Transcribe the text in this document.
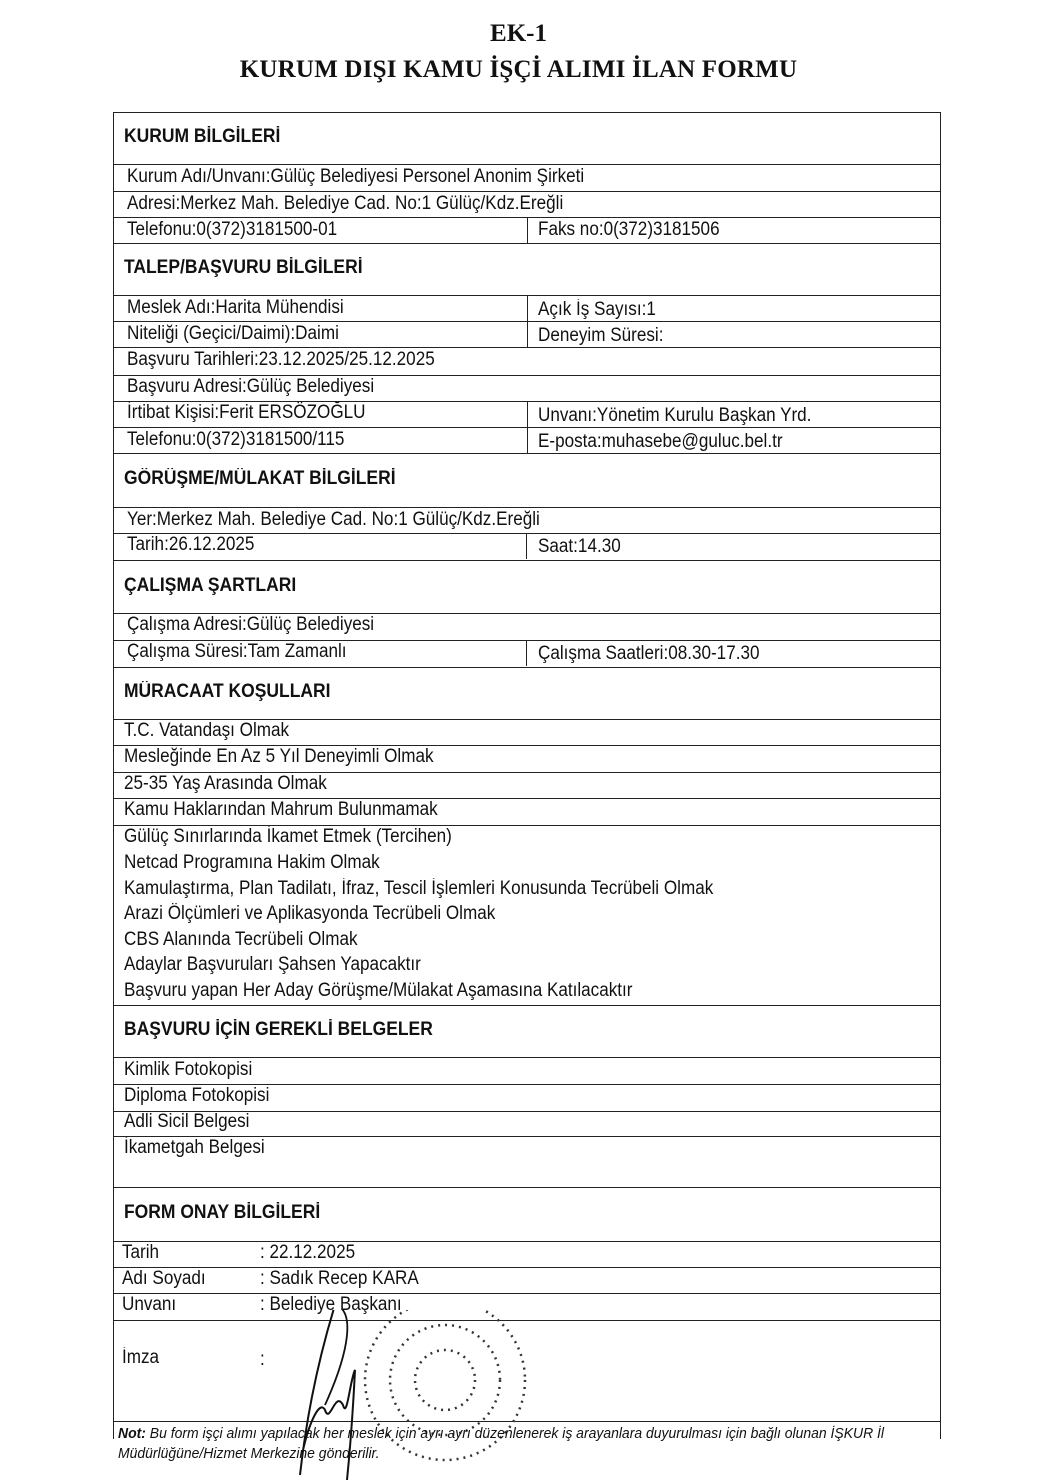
EK-1
KURUM DIŞI KAMU İŞÇİ ALIMI İLAN FORMU
KURUM BİLGİLERİ
Kurum Adı/Unvanı:Gülüç Belediyesi Personel Anonim Şirketi
Adresi:Merkez Mah. Belediye Cad. No:1 Gülüç/Kdz.Ereğli
Telefonu:0(372)3181500-01	Faks no:0(372)3181506
TALEP/BAŞVURU BİLGİLERİ
Meslek Adı:Harita Mühendisi	Açık İş Sayısı:1
Niteliği (Geçici/Daimi):Daimi	Deneyim Süresi:
Başvuru Tarihleri:23.12.2025/25.12.2025
Başvuru Adresi:Gülüç Belediyesi
İrtibat Kişisi:Ferit ERSÖZOĞLU	Unvanı:Yönetim Kurulu Başkan Yrd.
Telefonu:0(372)3181500/115	E-posta:muhasebe@guluc.bel.tr
GÖRÜŞME/MÜLAKAT BİLGİLERİ
Yer:Merkez Mah. Belediye Cad. No:1 Gülüç/Kdz.Ereğli
Tarih:26.12.2025	Saat:14.30
ÇALIŞMA ŞARTLARI
Çalışma Adresi:Gülüç Belediyesi
Çalışma Süresi:Tam Zamanlı	Çalışma Saatleri:08.30-17.30
MÜRACAAT KOŞULLARI
T.C. Vatandaşı Olmak
Mesleğinde En Az 5 Yıl Deneyimli Olmak
25-35 Yaş Arasında Olmak
Kamu Haklarından Mahrum Bulunmamak
Gülüç Sınırlarında İkamet Etmek (Tercihen)
Netcad Programına Hakim Olmak
Kamulaştırma, Plan Tadilatı, İfraz, Tescil İşlemleri Konusunda Tecrübeli Olmak
Arazi Ölçümleri ve Aplikasyonda Tecrübeli Olmak
CBS Alanında Tecrübeli Olmak
Adaylar Başvuruları Şahsen Yapacaktır
Başvuru yapan Her Aday Görüşme/Mülakat Aşamasına Katılacaktır
BAŞVURU İÇİN GEREKLİ BELGELER
Kimlik Fotokopisi
Diploma Fotokopisi
Adli Sicil Belgesi
İkametgah Belgesi
FORM ONAY BİLGİLERİ
Tarih	: 22.12.2025
Adı Soyadı	: Sadık Recep KARA
Unvanı	: Belediye Başkanı
İmza	:
Not: Bu form işçi alımı yapılacak her meslek için ayrı ayrı düzenlenerek iş arayanlara duyurulması için bağlı olunan İŞKUR İl Müdürlüğüne/Hizmet Merkezine gönderilir.
